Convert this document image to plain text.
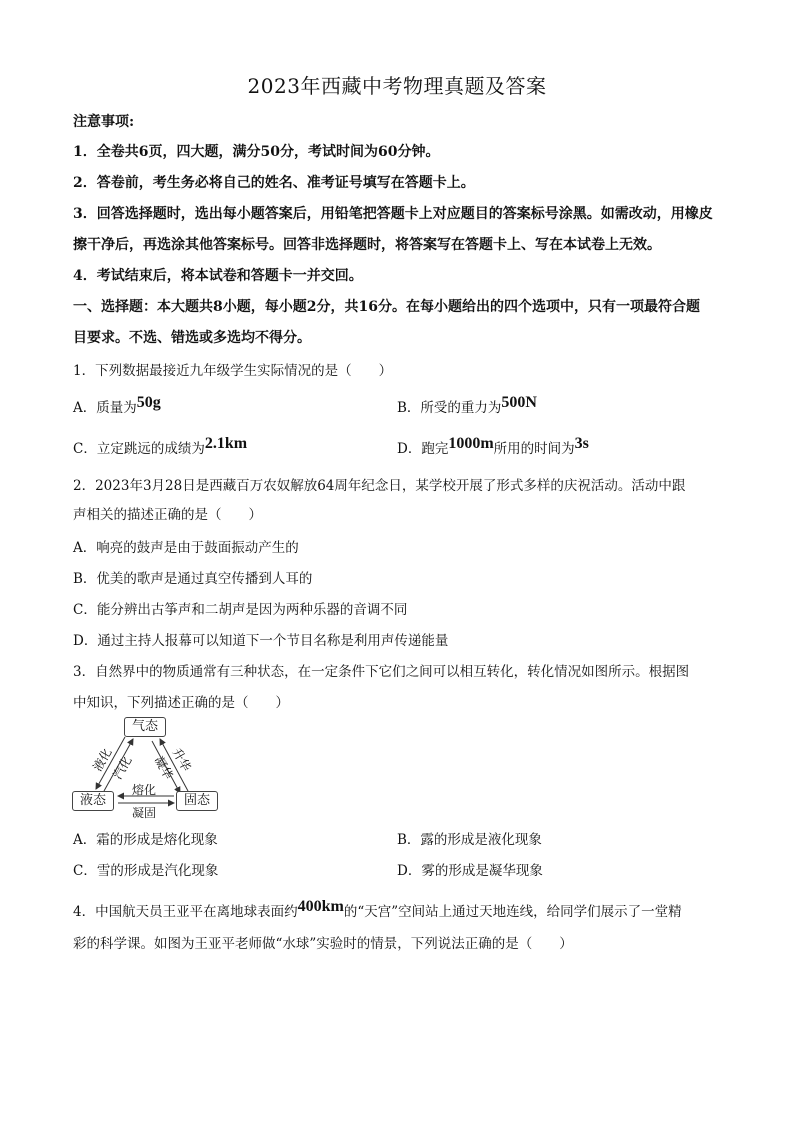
2023年西藏中考物理真题及答案
注意事项:
1．全卷共6页，四大题，满分50分，考试时间为60分钟。
2．答卷前，考生务必将自己的姓名、准考证号填写在答题卡上。
3．回答选择题时，选出每小题答案后，用铅笔把答题卡上对应题目的答案标号涂黑。如需改动，用橡皮
擦干净后，再选涂其他答案标号。回答非选择题时，将答案写在答题卡上、写在本试卷上无效。
4．考试结束后，将本试卷和答题卡一并交回。
一、选择题：本大题共8小题，每小题2分，共16分。在每小题给出的四个选项中，只有一项最符合题
目要求。不选、错选或多选均不得分。
1．下列数据最接近九年级学生实际情况的是（　　）
A．质量为50g	B．所受的重力为500N
C．立定跳远的成绩为2.1km	D．跑完1000m所用的时间为3s
2．2023年3月28日是西藏百万农奴解放64周年纪念日，某学校开展了形式多样的庆祝活动。活动中跟
声相关的描述正确的是（　　）
A．响亮的鼓声是由于鼓面振动产生的
B．优美的歌声是通过真空传播到人耳的
C．能分辨出古筝声和二胡声是因为两种乐器的音调不同
D．通过主持人报幕可以知道下一个节目名称是利用声传递能量
3．自然界中的物质通常有三种状态，在一定条件下它们之间可以相互转化，转化情况如图所示。根据图
中知识，下列描述正确的是（　　）
气态
液态	固态
液化
汽化	升华
凝华
熔化
凝固
A．霜的形成是熔化现象	B．露的形成是液化现象
C．雪的形成是汽化现象	D．雾的形成是凝华现象
4．中国航天员王亚平在离地球表面约400km的“天宫”空间站上通过天地连线，给同学们展示了一堂精
彩的科学课。如图为王亚平老师做“水球”实验时的情景，下列说法正确的是（　　）
